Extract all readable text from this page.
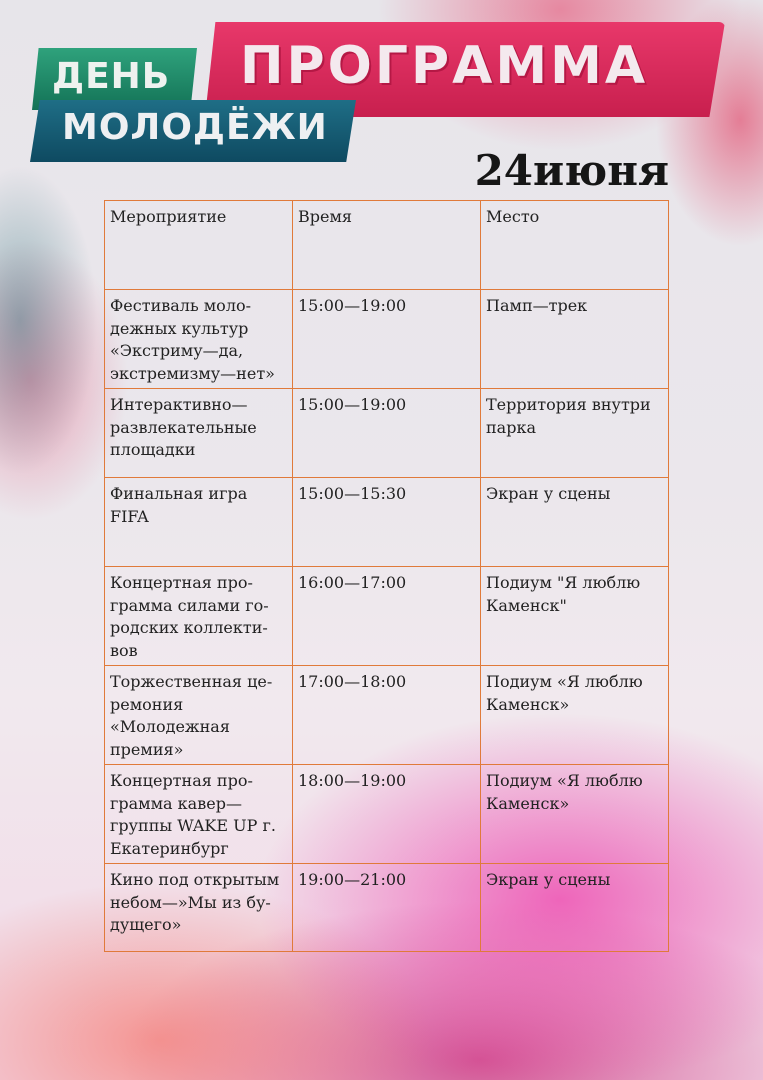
ПРОГРАММА
ДЕНЬ
МОЛОДЁЖИ
24июня
Мероприятие	Время	Место

Фестиваль моло-
дежных культур
«Экстриму—да,
экстремизму—нет»	15:00—19:00	Памп—трек

Интерактивно—
развлекательные
площадки	15:00—19:00	Территория внутри
парка

Финальная игра
FIFA	15:00—15:30	Экран у сцены

Концертная про-
грамма силами го-
родских коллекти-
вов	16:00—17:00	Подиум "Я люблю
Каменск"

Торжественная це-
ремония
«Молодежная
премия»	17:00—18:00	Подиум «Я люблю
Каменск»

Концертная про-
грамма кавер—
группы WAKE UP г.
Екатеринбург	18:00—19:00	Подиум «Я люблю
Каменск»

Кино под открытым
небом—»Мы из бу-
дущего»	19:00—21:00	Экран у сцены
